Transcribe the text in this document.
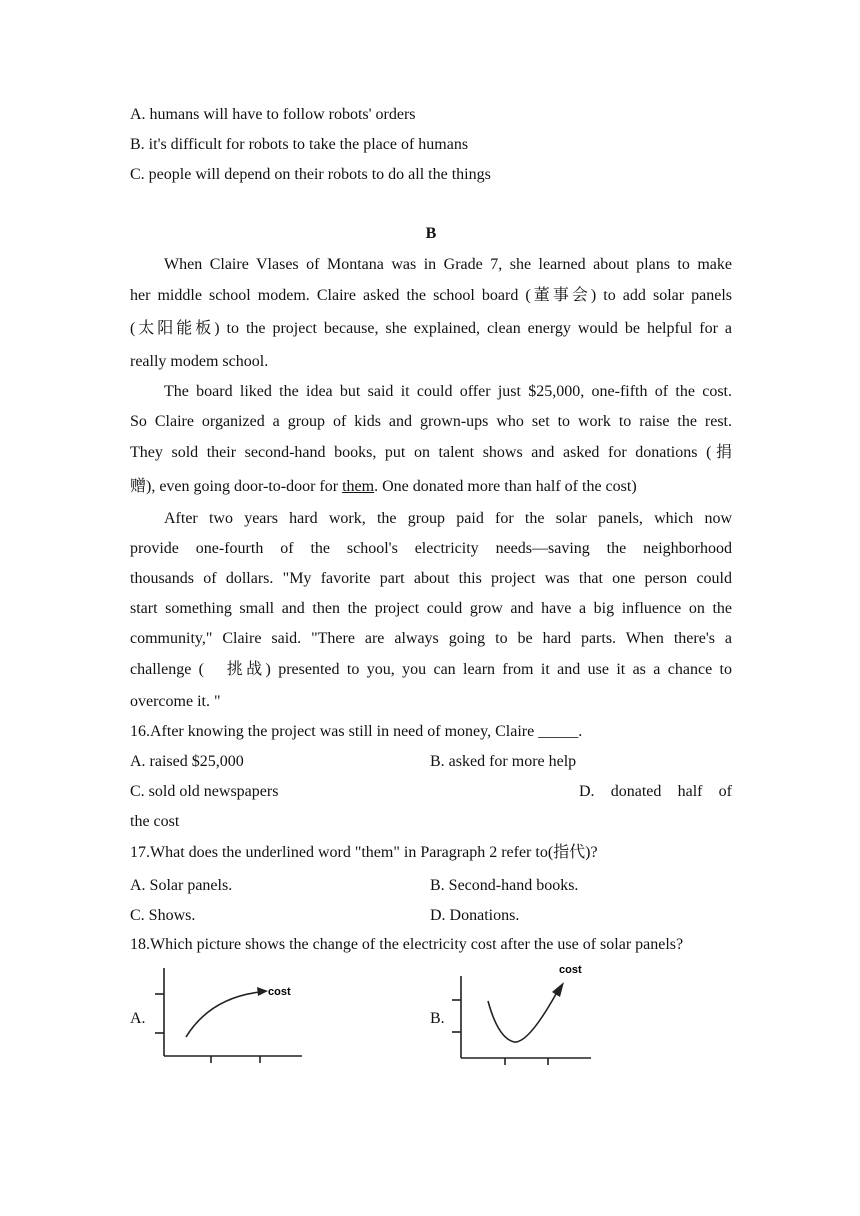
A. humans will have to follow robots' orders
B. it's difficult for robots to take the place of humans
C. people will depend on their robots to do all the things
B
When Claire Vlases of Montana was in Grade 7, she learned about plans to make
her middle school modem. Claire asked the school board (董事会) to add solar panels
(太阳能板) to the project because, she explained, clean energy would be helpful for a
really modem school.
The board liked the idea but said it could offer just $25,000, one-fifth of the cost.
So Claire organized a group of kids and grown-ups who set to work to raise the rest.
They sold their second-hand books, put on talent shows and asked for donations (捐
赠), even going door-to-door for them. One donated more than half of the cost)
After two years hard work, the group paid for the solar panels, which now
provide one-fourth of the school's electricity needs—saving the neighborhood
thousands of dollars. "My favorite part about this project was that one person could
start something small and then the project could grow and have a big influence on the
community," Claire said. "There are always going to be hard parts. When there's a
challenge (　挑战) presented to you, you can learn from it and use it as a chance to
overcome it. "
16.After knowing the project was still in need of money, Claire _____.
A. raised $25,000	B. asked for more help
C. sold old newspapers	D. donated half of
the cost
17.What does the underlined word "them" in Paragraph 2 refer to(指代)?
A. Solar panels.	B. Second-hand books.
C. Shows.	D. Donations.
18.Which picture shows the change of the electricity cost after the use of solar panels?
A.	B.
cost
cost
